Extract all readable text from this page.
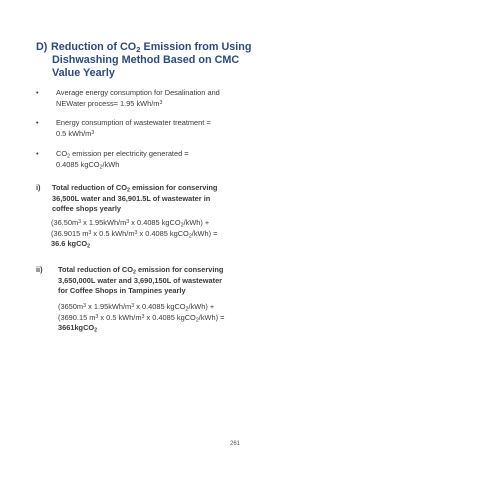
D) Reduction of $CO_2$ Emission from Using
Dishwashing Method Based on CMC
Value Yearly
• Average energy consumption for Desalination and
NEWater process= 1.95 kWh/$m^3$
• Energy consumption of wastewater treatment =
0.5 kWh/$m^3$
• $CO_2$ emission per electricity generated =
0.4085 kgCO$_2$/kWh
i) Total reduction of $CO_2$ emission for conserving
36,500L water and 36,901.5L of wastewater in
coffee shops yearly
($36.50m^3$ x $1.95kWh/m^3$ x 0.4085 kgCO$_2$/kWh) +
(36.9015 $m^3$ x 0.5 kWh/$m^3$ x 0.4085 kgCO$_2$/kWh) =
36.6 kgCO$_2$
ii) Total reduction of $CO_2$ emission for conserving
3,650,000L water and 3,690,150L of wastewater
for Coffee Shops in Tampines yearly
($3650m^3$ x $1.95kWh/m^3$ x 0.4085 kgCO$_2$/kWh) +
(3690.15 $m^3$ x 0.5 kWh/$m^3$ x 0.4085 kgCO$_2$/kWh) =

3661kgCO$_2$
261
